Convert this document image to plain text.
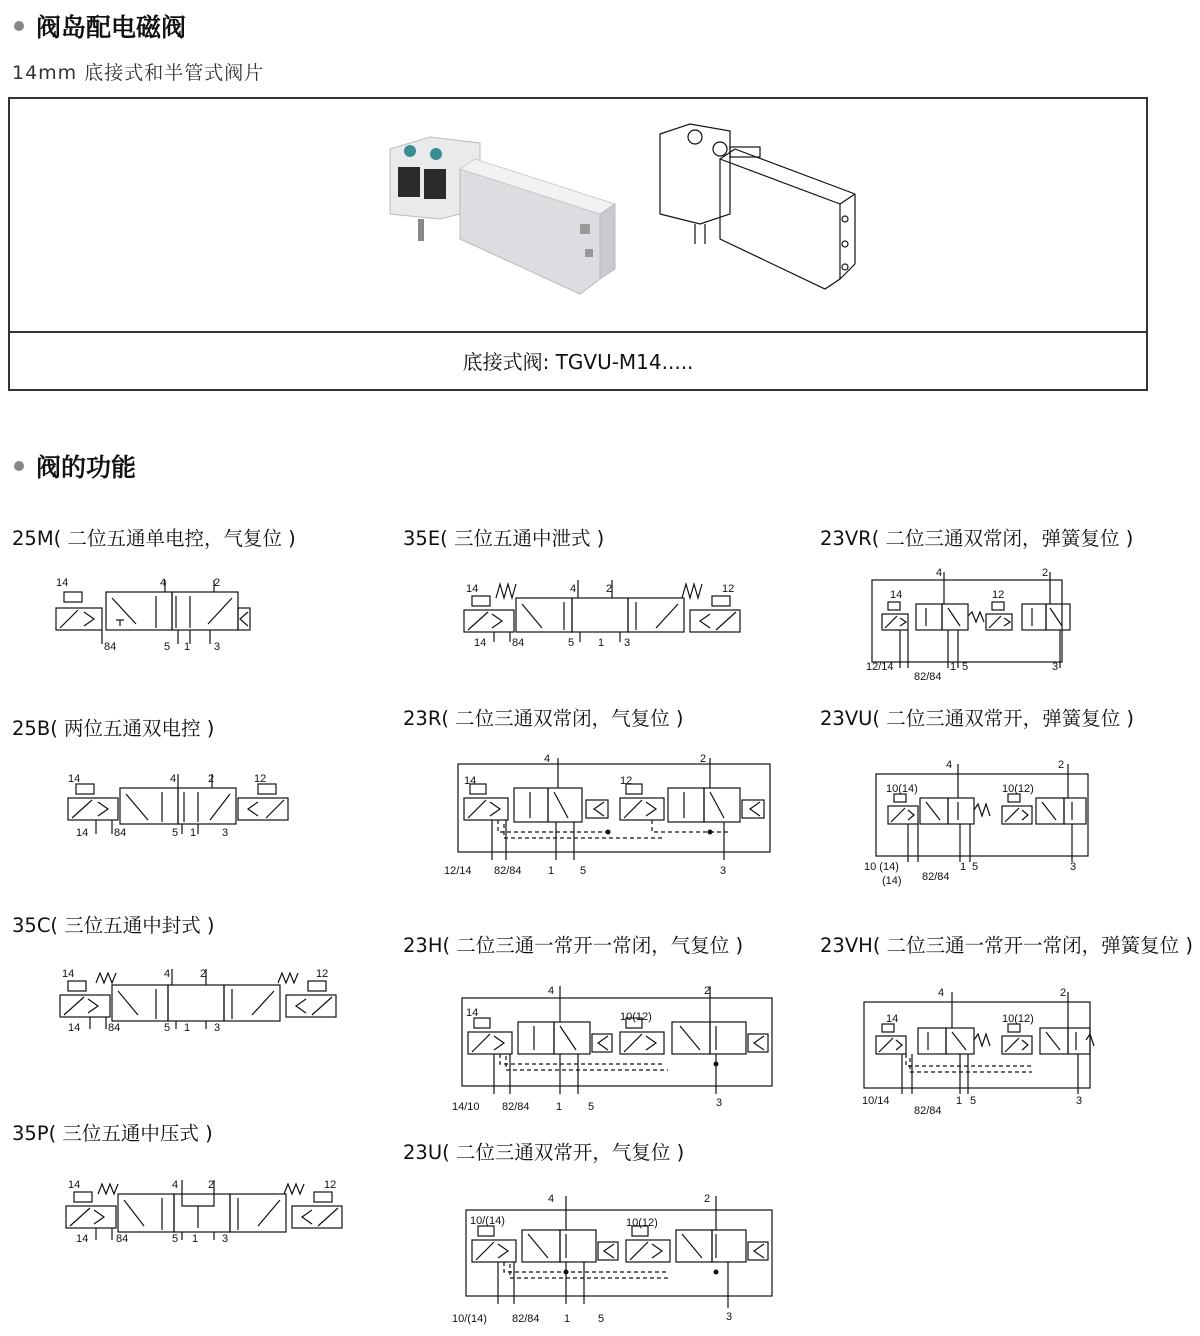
阀岛配电磁阀
14mm 底接式和半管式阀片
底接式阀: TGVU-M14.....
阀的功能
25M( 二位五通单电控，气复位 )
25B( 两位五通双电控 )
35C( 三位五通中封式 )
35P( 三位五通中压式 )
35E( 三位五通中泄式 )
23R( 二位三通双常闭，气复位 )
23H( 二位三通一常开一常闭，气复位 )
23U( 二位三通双常开，气复位 )
23VR( 二位三通双常闭，弹簧复位 )
23VU( 二位三通双常开，弹簧复位 )
23VH( 二位三通一常开一常闭，弹簧复位 )
14	4	2
84	5 1 3
14	4	2	12
14 84	5 1 3
14	4	2	12
14	84	5 1 3
14	4	2	12
14	84	5 1 3
14	4	2	12
14 84	5 1 3
14
4
12
2
12/14 82/84 1 5	3
14
4
10(12)
2
14/10 82/84 1 5	3
10/(14)
4
10(12)
2
10/(14) 82/84 1	5	3
14
4
12
2
12/14
82/84
1 5	3
10(14)
4
10(12)
2
10 (14)
(14) 82/84
1 5	3
14
4
10(12)
2
10/14
82/84
1 5	3
